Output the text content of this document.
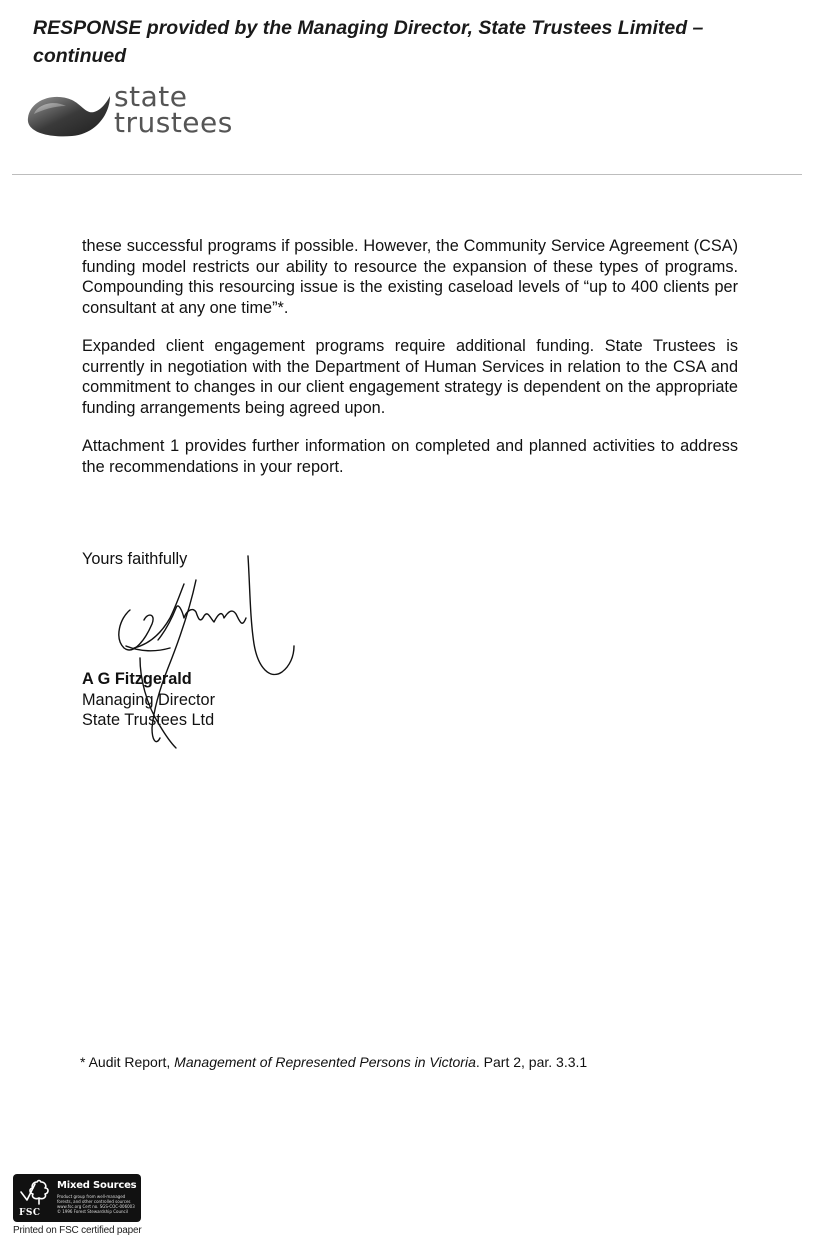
RESPONSE provided by the Managing Director, State Trustees Limited – continued
state
trustees

these successful programs if possible. However, the Community Service Agreement (CSA) funding model restricts our ability to resource the expansion of these types of programs. Compounding this resourcing issue is the existing caseload levels of “up to 400 clients per consultant at any one time”*.

Expanded client engagement programs require additional funding. State Trustees is currently in negotiation with the Department of Human Services in relation to the CSA and commitment to changes in our client engagement strategy is dependent on the appropriate funding arrangements being agreed upon.

Attachment 1 provides further information on completed and planned activities to address the recommendations in your report.

Yours faithfully
A G Fitzgerald
Managing Director
State Trustees Ltd
* Audit Report, Management of Represented Persons in Victoria. Part 2, par. 3.3.1
Mixed Sources
Product group from well-managed forests, and other controlled sources www.fsc.org Cert no. SGS-COC-006003 © 1996 Forest Stewardship Council
FSC
Printed on FSC certified paper
